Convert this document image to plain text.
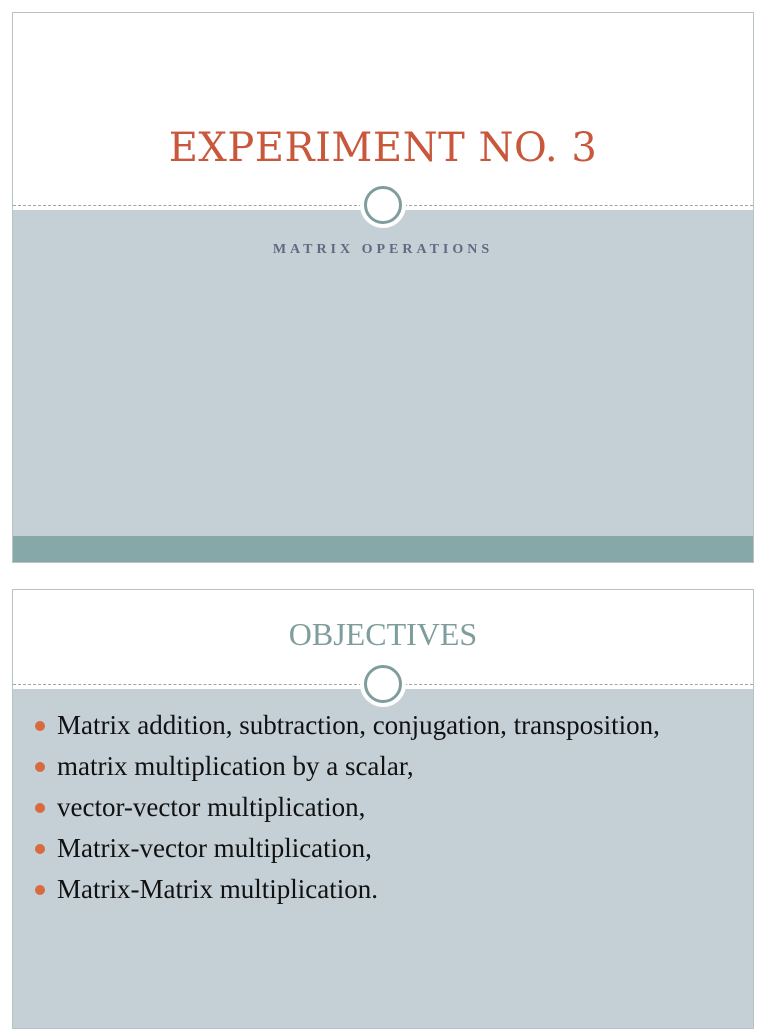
EXPERIMENT NO. 3
MATRIX OPERATIONS
OBJECTIVES
Matrix addition, subtraction, conjugation, transposition,
matrix multiplication by a scalar,
vector-vector multiplication,
Matrix-vector multiplication,
Matrix-Matrix multiplication.
